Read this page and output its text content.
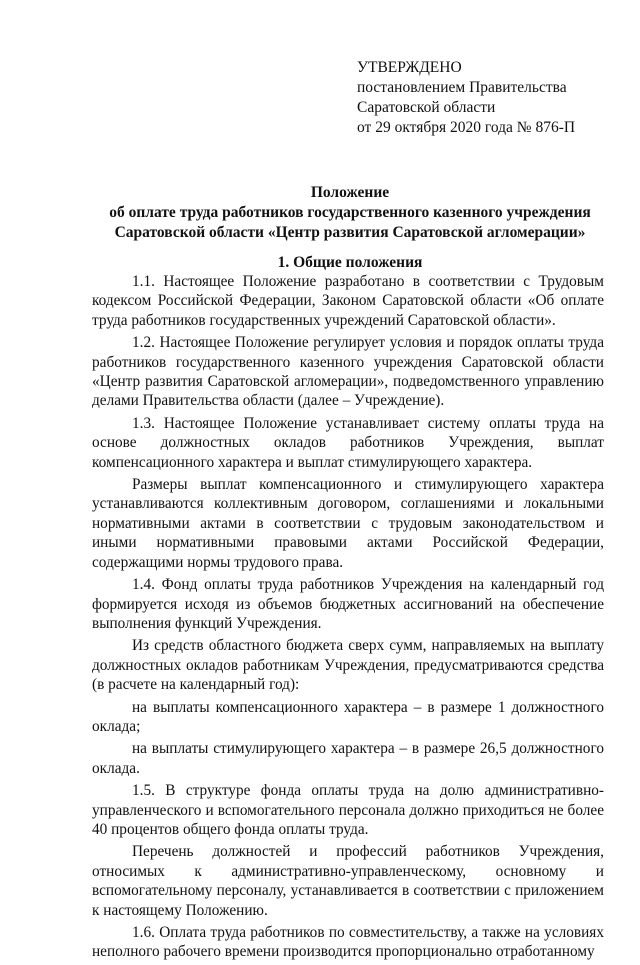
УТВЕРЖДЕНО
постановлением Правительства
Саратовской области
от 29 октября 2020 года № 876-П
Положение
об оплате труда работников государственного казенного учреждения
Саратовской области «Центр развития Саратовской агломерации»
1. Общие положения

1.1. Настоящее Положение разработано в соответствии с Трудовым кодексом Российской Федерации, Законом Саратовской области «Об оплате труда работников государственных учреждений Саратовской области».

1.2. Настоящее Положение регулирует условия и порядок оплаты труда работников государственного казенного учреждения Саратовской области «Центр развития Саратовской агломерации», подведомственного управлению делами Правительства области (далее – Учреждение).

1.3. Настоящее Положение устанавливает систему оплаты труда на основе должностных окладов работников Учреждения, выплат компенсационного характера и выплат стимулирующего характера.

Размеры выплат компенсационного и стимулирующего характера устанавливаются коллективным договором, соглашениями и локальными нормативными актами в соответствии с трудовым законодательством и иными нормативными правовыми актами Российской Федерации, содержащими нормы трудового права.

1.4. Фонд оплаты труда работников Учреждения на календарный год формируется исходя из объемов бюджетных ассигнований на обеспечение выполнения функций Учреждения.

Из средств областного бюджета сверх сумм, направляемых на выплату должностных окладов работникам Учреждения, предусматриваются средства (в расчете на календарный год):

на выплаты компенсационного характера – в размере 1 должностного оклада;

на выплаты стимулирующего характера – в размере 26,5 должностного оклада.

1.5. В структуре фонда оплаты труда на долю административно-управленческого и вспомогательного персонала должно приходиться не более 40 процентов общего фонда оплаты труда.

Перечень должностей и профессий работников Учреждения, относимых к административно-управленческому, основному и вспомогательному персоналу, устанавливается в соответствии с приложением к настоящему Положению.

1.6. Оплата труда работников по совместительству, а также на условиях неполного рабочего времени производится пропорционально отработанному
